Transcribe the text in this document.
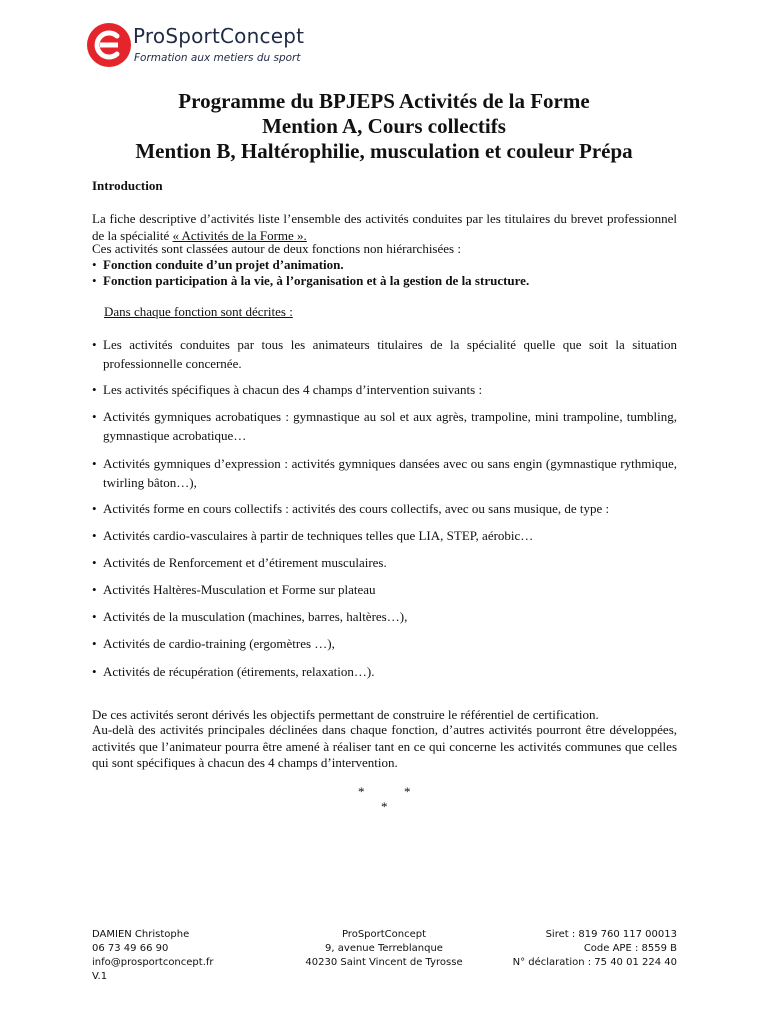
ProSportConcept
Formation aux metiers du sport
Programme du BPJEPS Activités de la Forme
Mention A, Cours collectifs
Mention B, Haltérophilie, musculation et couleur Prépa
Introduction
La fiche descriptive d’activités liste l’ensemble des activités conduites par les titulaires du brevet professionnel de la spécialité « Activités de la Forme ».
Ces activités sont classées autour de deux fonctions non hiérarchisées :
• Fonction conduite d’un projet d’animation.
• Fonction participation à la vie, à l’organisation et à la gestion de la structure.
Dans chaque fonction sont décrites :
• Les activités conduites par tous les animateurs titulaires de la spécialité quelle que soit la situation professionnelle concernée.
• Les activités spécifiques à chacun des 4 champs d’intervention suivants :
• Activités gymniques acrobatiques : gymnastique au sol et aux agrès, trampoline, mini trampoline, tumbling, gymnastique acrobatique…
• Activités gymniques d’expression : activités gymniques dansées avec ou sans engin (gymnastique rythmique, twirling bâton…),
• Activités forme en cours collectifs : activités des cours collectifs, avec ou sans musique, de type :
• Activités cardio-vasculaires à partir de techniques telles que LIA, STEP, aérobic…
• Activités de Renforcement et d’étirement musculaires.
• Activités Haltères-Musculation et Forme sur plateau
• Activités de la musculation (machines, barres, haltères…),
• Activités de cardio-training (ergomètres …),
• Activités de récupération (étirements, relaxation…).
De ces activités seront dérivés les objectifs permettant de construire le référentiel de certification.
Au-delà des activités principales déclinées dans chaque fonction, d’autres activités pourront être développées, activités que l’animateur pourra être amené à réaliser tant en ce qui concerne les activités communes que celles qui sont spécifiques à chacun des 4 champs d’intervention.
*	*
*
DAMIEN Christophe
06 73 49 66 90
info@prosportconcept.fr
V.1
ProSportConcept
9, avenue Terreblanque
40230 Saint Vincent de Tyrosse
Siret : 819 760 117 00013
Code APE : 8559 B
N° déclaration : 75 40 01 224 40
